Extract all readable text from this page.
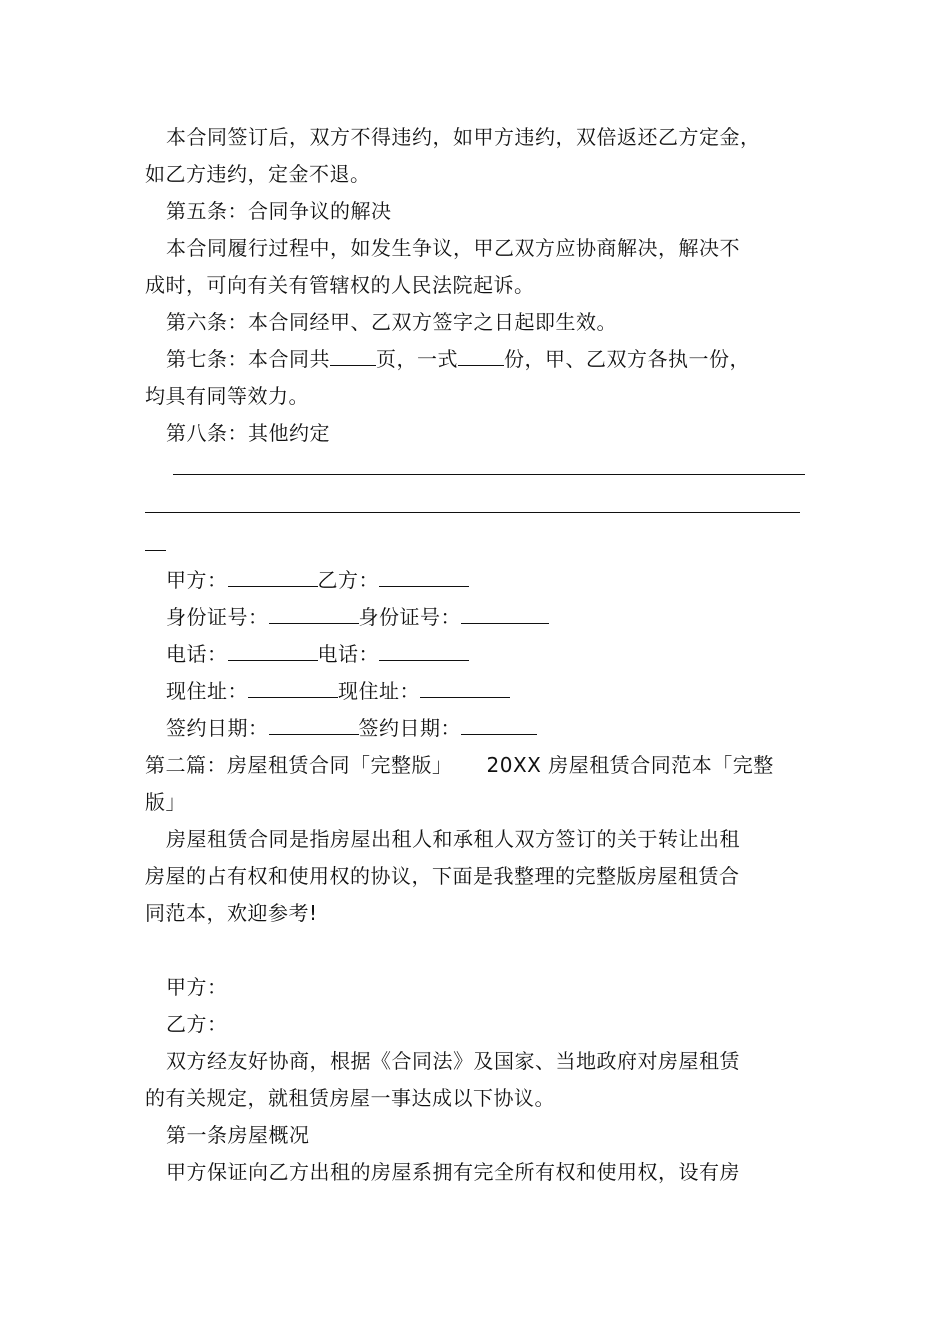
本合同签订后，双方不得违约，如甲方违约，双倍返还乙方定金，
如乙方违约，定金不退。
第五条：合同争议的解决
本合同履行过程中，如发生争议，甲乙双方应协商解决，解决不
成时，可向有关有管辖权的人民法院起诉。
第六条：本合同经甲、乙双方签字之日起即生效。
第七条：本合同共 页，一式 份，甲、乙双方各执一份，
均具有同等效力。
第八条：其他约定
甲方：	乙方：
身份证号：	身份证号：
电话：	电话：
现住址：	现住址：
签约日期：	签约日期：
第二篇：房屋租赁合同「完整版」 20XX 房屋租赁合同范本「完整
版」
房屋租赁合同是指房屋出租人和承租人双方签订的关于转让出租
房屋的占有权和使用权的协议，下面是我整理的完整版房屋租赁合
同范本，欢迎参考!
甲方：
乙方：
双方经友好协商，根据《合同法》及国家、当地政府对房屋租赁
的有关规定，就租赁房屋一事达成以下协议。
第一条房屋概况
甲方保证向乙方出租的房屋系拥有完全所有权和使用权，设有房
